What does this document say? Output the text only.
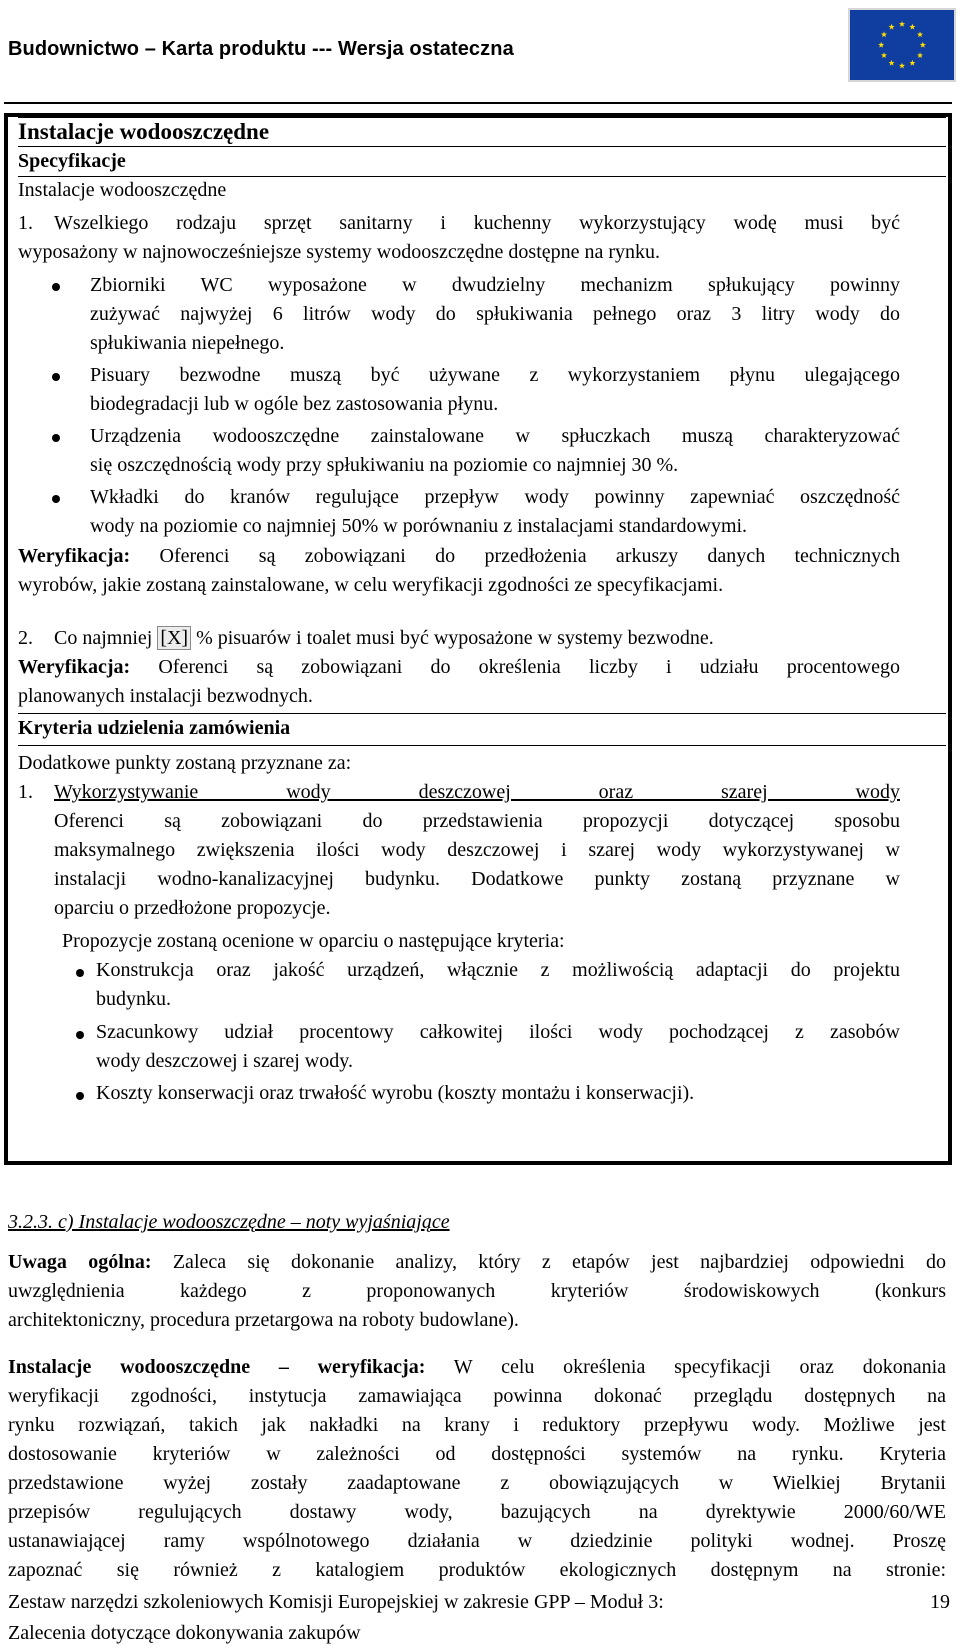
Budownictwo – Karta produktu --- Wersja ostateczna
Instalacje wodooszczędne
Specyfikacje
Instalacje wodooszczędne
1. Wszelkiego rodzaju sprzęt sanitarny i kuchenny wykorzystujący wodę musi być
wyposażony w najnowocześniejsze systemy wodooszczędne dostępne na rynku.
Zbiorniki WC wyposażone w dwudzielny mechanizm spłukujący powinny
zużywać najwyżej 6 litrów wody do spłukiwania pełnego oraz 3 litry wody do
spłukiwania niepełnego.
Pisuary bezwodne muszą być używane z wykorzystaniem płynu ulegającego
biodegradacji lub w ogóle bez zastosowania płynu.
Urządzenia wodooszczędne zainstalowane w spłuczkach muszą charakteryzować
się oszczędnością wody przy spłukiwaniu na poziomie co najmniej 30 %.
Wkładki do kranów regulujące przepływ wody powinny zapewniać oszczędność
wody na poziomie co najmniej 50% w porównaniu z instalacjami standardowymi.
Weryfikacja: Oferenci są zobowiązani do przedłożenia arkuszy danych technicznych
wyrobów, jakie zostaną zainstalowane, w celu weryfikacji zgodności ze specyfikacjami.
2. Co najmniej [X] % pisuarów i toalet musi być wyposażone w systemy bezwodne.
Weryfikacja: Oferenci są zobowiązani do określenia liczby i udziału procentowego
planowanych instalacji bezwodnych.
Kryteria udzielenia zamówienia
Dodatkowe punkty zostaną przyznane za:
1. Wykorzystywanie wody deszczowej oraz szarej wody
Oferenci są zobowiązani do przedstawienia propozycji dotyczącej sposobu
maksymalnego zwiększenia ilości wody deszczowej i szarej wody wykorzystywanej w
instalacji wodno-kanalizacyjnej budynku. Dodatkowe punkty zostaną przyznane w
oparciu o przedłożone propozycje.
Propozycje zostaną ocenione w oparciu o następujące kryteria:
Konstrukcja oraz jakość urządzeń, włącznie z możliwością adaptacji do projektu
budynku.
Szacunkowy udział procentowy całkowitej ilości wody pochodzącej z zasobów
wody deszczowej i szarej wody.
Koszty konserwacji oraz trwałość wyrobu (koszty montażu i konserwacji).
3.2.3. c) Instalacje wodooszczędne – noty wyjaśniające
Uwaga ogólna: Zaleca się dokonanie analizy, który z etapów jest najbardziej odpowiedni do
uwzględnienia każdego z proponowanych kryteriów środowiskowych (konkurs
architektoniczny, procedura przetargowa na roboty budowlane).
Instalacje wodooszczędne – weryfikacja: W celu określenia specyfikacji oraz dokonania
weryfikacji zgodności, instytucja zamawiająca powinna dokonać przeglądu dostępnych na
rynku rozwiązań, takich jak nakładki na krany i reduktory przepływu wody. Możliwe jest
dostosowanie kryteriów w zależności od dostępności systemów na rynku. Kryteria
przedstawione wyżej zostały zaadaptowane z obowiązujących w Wielkiej Brytanii
przepisów regulujących dostawy wody, bazujących na dyrektywie 2000/60/WE
ustanawiającej ramy wspólnotowego działania w dziedzinie polityki wodnej. Proszę
zapoznać się również z katalogiem produktów ekologicznych dostępnym na stronie:
Zestaw narzędzi szkoleniowych Komisji Europejskiej w zakresie GPP – Moduł 3:
Zalecenia dotyczące dokonywania zakupów
19
